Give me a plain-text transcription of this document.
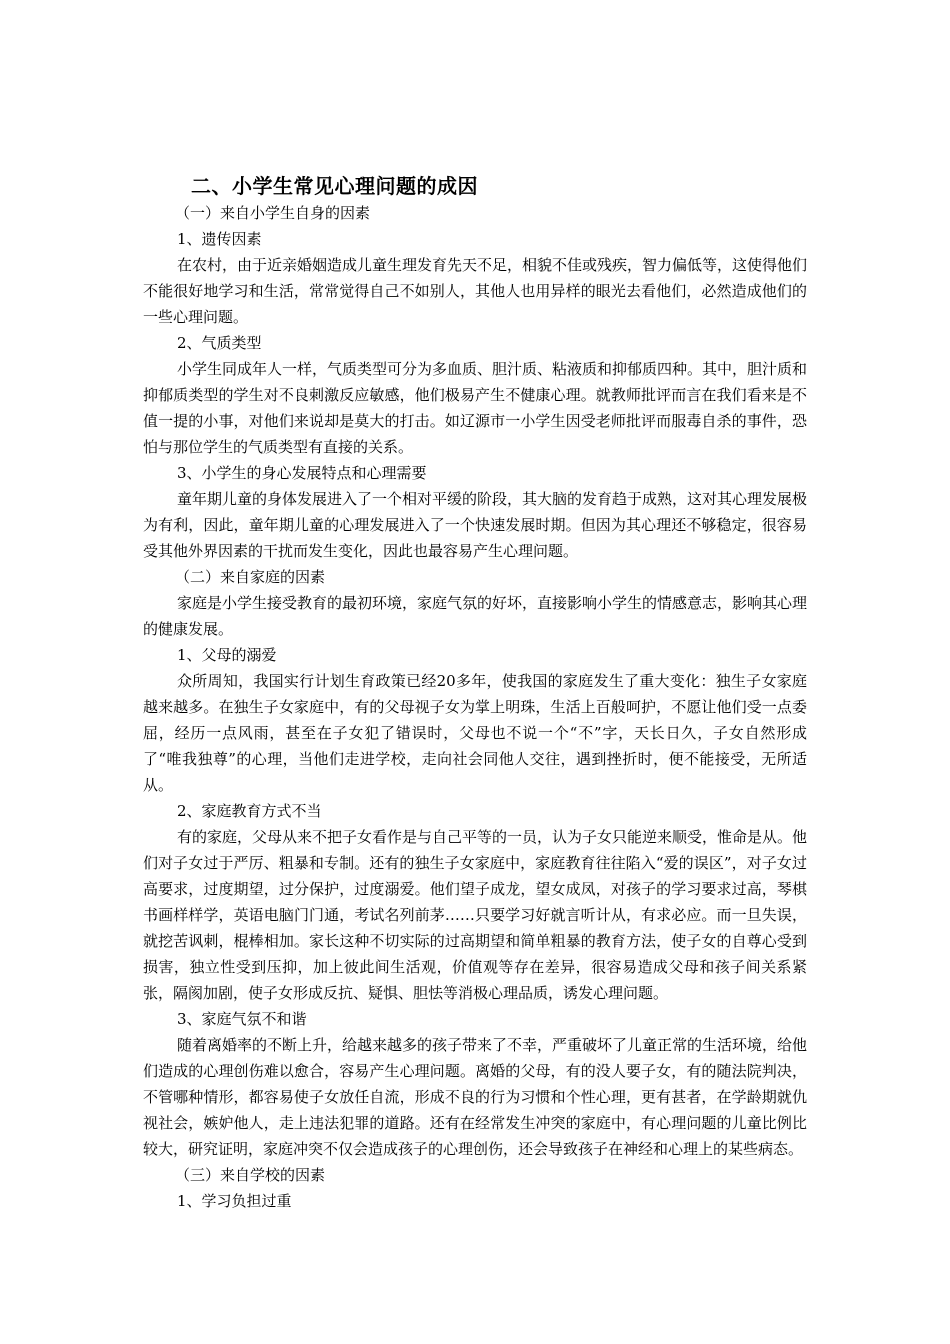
二、小学生常见心理问题的成因

（一）来自小学生自身的因素

1、遗传因素

在农村，由于近亲婚姻造成儿童生理发育先天不足，相貌不佳或残疾，智力偏低等，这使得他们不能很好地学习和生活，常常觉得自己不如别人，其他人也用异样的眼光去看他们，必然造成他们的一些心理问题。

2、气质类型

小学生同成年人一样，气质类型可分为多血质、胆汁质、粘液质和抑郁质四种。其中，胆汁质和抑郁质类型的学生对不良刺激反应敏感，他们极易产生不健康心理。就教师批评而言在我们看来是不值一提的小事，对他们来说却是莫大的打击。如辽源市一小学生因受老师批评而服毒自杀的事件，恐怕与那位学生的气质类型有直接的关系。

3、小学生的身心发展特点和心理需要

童年期儿童的身体发展进入了一个相对平缓的阶段，其大脑的发育趋于成熟，这对其心理发展极为有利，因此，童年期儿童的心理发展进入了一个快速发展时期。但因为其心理还不够稳定，很容易受其他外界因素的干扰而发生变化，因此也最容易产生心理问题。

（二）来自家庭的因素

家庭是小学生接受教育的最初环境，家庭气氛的好坏，直接影响小学生的情感意志，影响其心理的健康发展。

1、父母的溺爱

众所周知，我国实行计划生育政策已经20多年，使我国的家庭发生了重大变化：独生子女家庭越来越多。在独生子女家庭中，有的父母视子女为掌上明珠，生活上百般呵护，不愿让他们受一点委屈，经历一点风雨，甚至在子女犯了错误时，父母也不说一个“不”字，天长日久，子女自然形成了“唯我独尊”的心理，当他们走进学校，走向社会同他人交往，遇到挫折时，便不能接受，无所适从。

2、家庭教育方式不当

有的家庭，父母从来不把子女看作是与自己平等的一员，认为子女只能逆来顺受，惟命是从。他们对子女过于严厉、粗暴和专制。还有的独生子女家庭中，家庭教育往往陷入“爱的误区”，对子女过高要求，过度期望，过分保护，过度溺爱。他们望子成龙，望女成凤，对孩子的学习要求过高，琴棋书画样样学，英语电脑门门通，考试名列前茅……只要学习好就言听计从，有求必应。而一旦失误，就挖苦讽刺，棍棒相加。家长这种不切实际的过高期望和简单粗暴的教育方法，使子女的自尊心受到损害，独立性受到压抑，加上彼此间生活观，价值观等存在差异，很容易造成父母和孩子间关系紧张，隔阂加剧，使子女形成反抗、疑惧、胆怯等消极心理品质，诱发心理问题。

3、家庭气氛不和谐

随着离婚率的不断上升，给越来越多的孩子带来了不幸，严重破坏了儿童正常的生活环境，给他们造成的心理创伤难以愈合，容易产生心理问题。离婚的父母，有的没人要子女，有的随法院判决，不管哪种情形，都容易使子女放任自流，形成不良的行为习惯和个性心理，更有甚者，在学龄期就仇视社会，嫉妒他人，走上违法犯罪的道路。还有在经常发生冲突的家庭中，有心理问题的儿童比例比较大，研究证明，家庭冲突不仅会造成孩子的心理创伤，还会导致孩子在神经和心理上的某些病态。

（三）来自学校的因素

1、学习负担过重
